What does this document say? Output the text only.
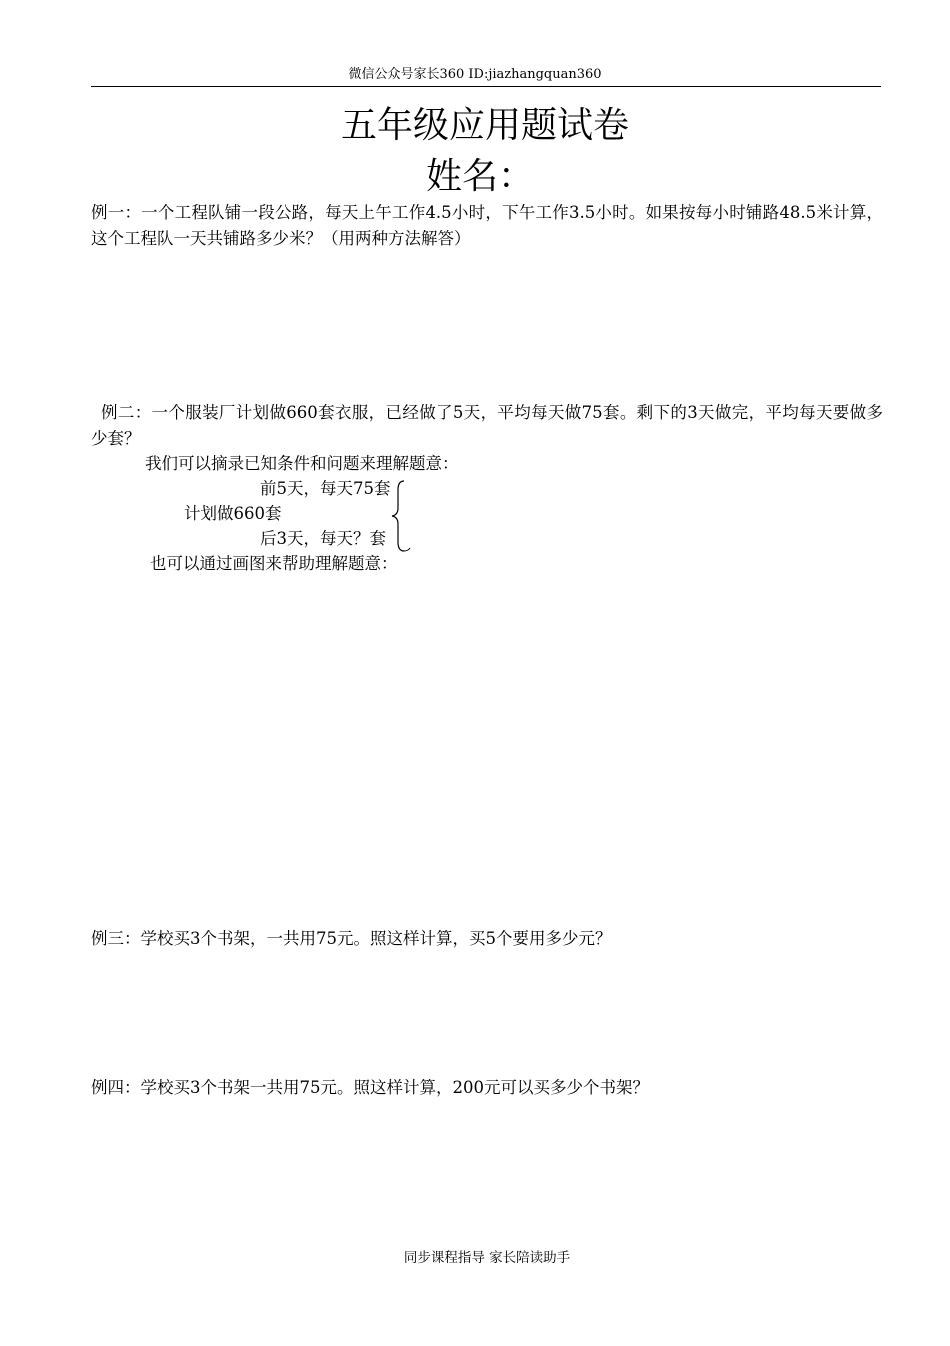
微信公众号家长360 ID:jiazhangquan360
五年级应用题试卷
姓名：
例一：一个工程队铺一段公路，每天上午工作4.5小时，下午工作3.5小时。如果按每小时铺路48.5米计算，这个工程队一天共铺路多少米？（用两种方法解答）
例二：一个服装厂计划做660套衣服，已经做了5天，平均每天做75套。剩下的3天做完，平均每天要做多少套？
我们可以摘录已知条件和问题来理解题意：
前5天，每天75套
计划做660套
后3天，每天？套
也可以通过画图来帮助理解题意：
例三：学校买3个书架，一共用75元。照这样计算，买5个要用多少元？
例四：学校买3个书架一共用75元。照这样计算，200元可以买多少个书架？
同步课程指导 家长陪读助手
